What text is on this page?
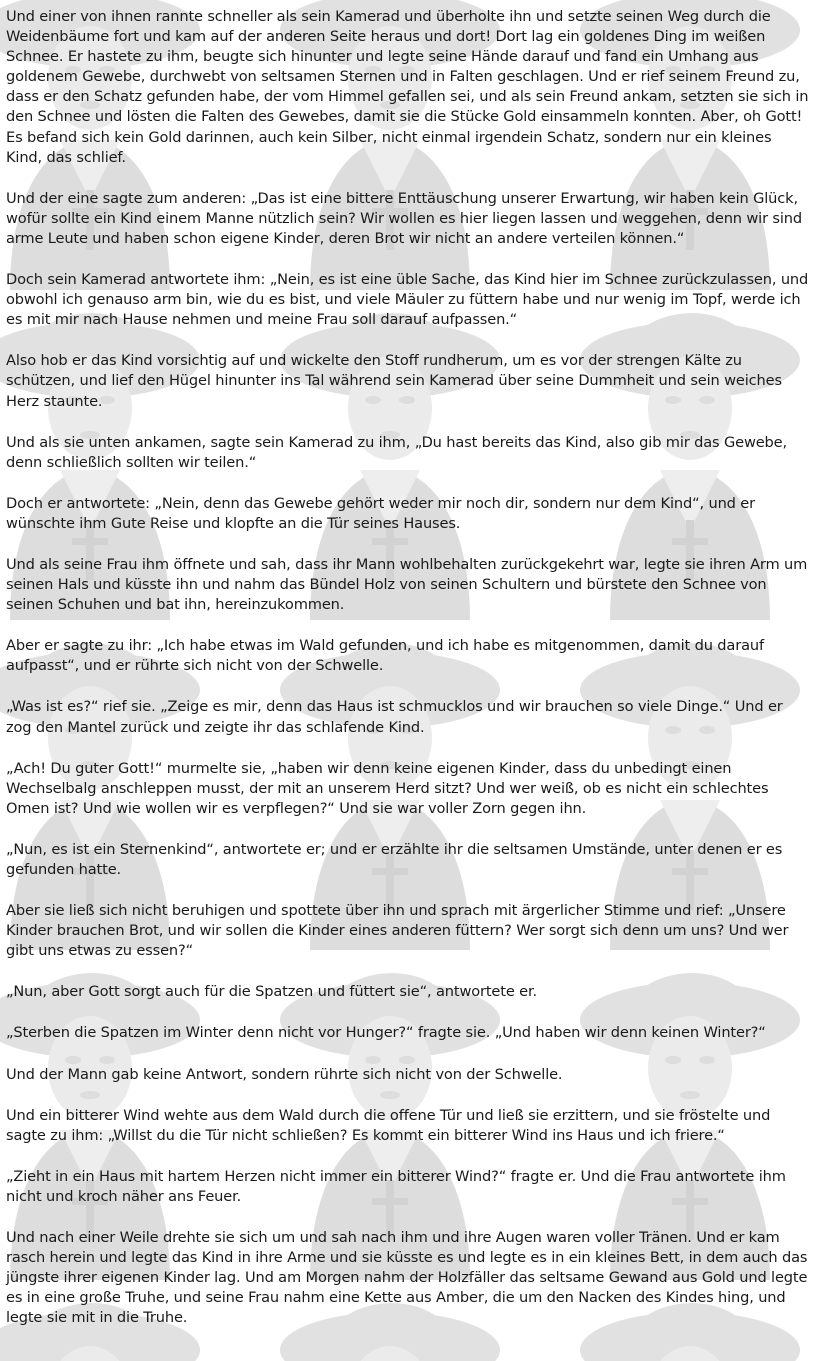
Und einer von ihnen rannte schneller als sein Kamerad und überholte ihn und setzte seinen Weg durch die Weidenbäume fort und kam auf der anderen Seite heraus und dort! Dort lag ein goldenes Ding im weißen Schnee. Er hastete zu ihm, beugte sich hinunter und legte seine Hände darauf und fand ein Umhang aus goldenem Gewebe, durchwebt von seltsamen Sternen und in Falten geschlagen. Und er rief seinem Freund zu, dass er den Schatz gefunden habe, der vom Himmel gefallen sei, und als sein Freund ankam, setzten sie sich in den Schnee und lösten die Falten des Gewebes, damit sie die Stücke Gold einsammeln konnten. Aber, oh Gott! Es befand sich kein Gold darinnen, auch kein Silber, nicht einmal irgendein Schatz, sondern nur ein kleines Kind, das schlief.

Und der eine sagte zum anderen: „Das ist eine bittere Enttäuschung unserer Erwartung, wir haben kein Glück, wofür sollte ein Kind einem Manne nützlich sein? Wir wollen es hier liegen lassen und weggehen, denn wir sind arme Leute und haben schon eigene Kinder, deren Brot wir nicht an andere verteilen können.“

Doch sein Kamerad antwortete ihm: „Nein, es ist eine üble Sache, das Kind hier im Schnee zurückzulassen, und obwohl ich genauso arm bin, wie du es bist, und viele Mäuler zu füttern habe und nur wenig im Topf, werde ich es mit mir nach Hause nehmen und meine Frau soll darauf aufpassen.“

Also hob er das Kind vorsichtig auf und wickelte den Stoff rundherum, um es vor der strengen Kälte zu schützen, und lief den Hügel hinunter ins Tal während sein Kamerad über seine Dummheit und sein weiches Herz staunte.

Und als sie unten ankamen, sagte sein Kamerad zu ihm, „Du hast bereits das Kind, also gib mir das Gewebe, denn schließlich sollten wir teilen.“

Doch er antwortete: „Nein, denn das Gewebe gehört weder mir noch dir, sondern nur dem Kind“, und er wünschte ihm Gute Reise und klopfte an die Tür seines Hauses.

Und als seine Frau ihm öffnete und sah, dass ihr Mann wohlbehalten zurückgekehrt war, legte sie ihren Arm um seinen Hals und küsste ihn und nahm das Bündel Holz von seinen Schultern und bürstete den Schnee von seinen Schuhen und bat ihn, hereinzukommen.

Aber er sagte zu ihr: „Ich habe etwas im Wald gefunden, und ich habe es mitgenommen, damit du darauf aufpasst“, und er rührte sich nicht von der Schwelle.

„Was ist es?“ rief sie. „Zeige es mir, denn das Haus ist schmucklos und wir brauchen so viele Dinge.“ Und er zog den Mantel zurück und zeigte ihr das schlafende Kind.

„Ach! Du guter Gott!“ murmelte sie, „haben wir denn keine eigenen Kinder, dass du unbedingt einen Wechselbalg anschleppen musst, der mit an unserem Herd sitzt? Und wer weiß, ob es nicht ein schlechtes Omen ist? Und wie wollen wir es verpflegen?“ Und sie war voller Zorn gegen ihn.

„Nun, es ist ein Sternenkind“, antwortete er; und er erzählte ihr die seltsamen Umstände, unter denen er es gefunden hatte.

Aber sie ließ sich nicht beruhigen und spottete über ihn und sprach mit ärgerlicher Stimme und rief: „Unsere Kinder brauchen Brot, und wir sollen die Kinder eines anderen füttern? Wer sorgt sich denn um uns? Und wer gibt uns etwas zu essen?“

„Nun, aber Gott sorgt auch für die Spatzen und füttert sie“, antwortete er.

„Sterben die Spatzen im Winter denn nicht vor Hunger?“ fragte sie. „Und haben wir denn keinen Winter?“

Und der Mann gab keine Antwort, sondern rührte sich nicht von der Schwelle.

Und ein bitterer Wind wehte aus dem Wald durch die offene Tür und ließ sie erzittern, und sie fröstelte und sagte zu ihm: „Willst du die Tür nicht schließen? Es kommt ein bitterer Wind ins Haus und ich friere.“

„Zieht in ein Haus mit hartem Herzen nicht immer ein bitterer Wind?“ fragte er. Und die Frau antwortete ihm nicht und kroch näher ans Feuer.

Und nach einer Weile drehte sie sich um und sah nach ihm und ihre Augen waren voller Tränen. Und er kam rasch herein und legte das Kind in ihre Arme und sie küsste es und legte es in ein kleines Bett, in dem auch das jüngste ihrer eigenen Kinder lag. Und am Morgen nahm der Holzfäller das seltsame Gewand aus Gold und legte es in eine große Truhe, und seine Frau nahm eine Kette aus Amber, die um den Nacken des Kindes hing, und legte sie mit in die Truhe.
